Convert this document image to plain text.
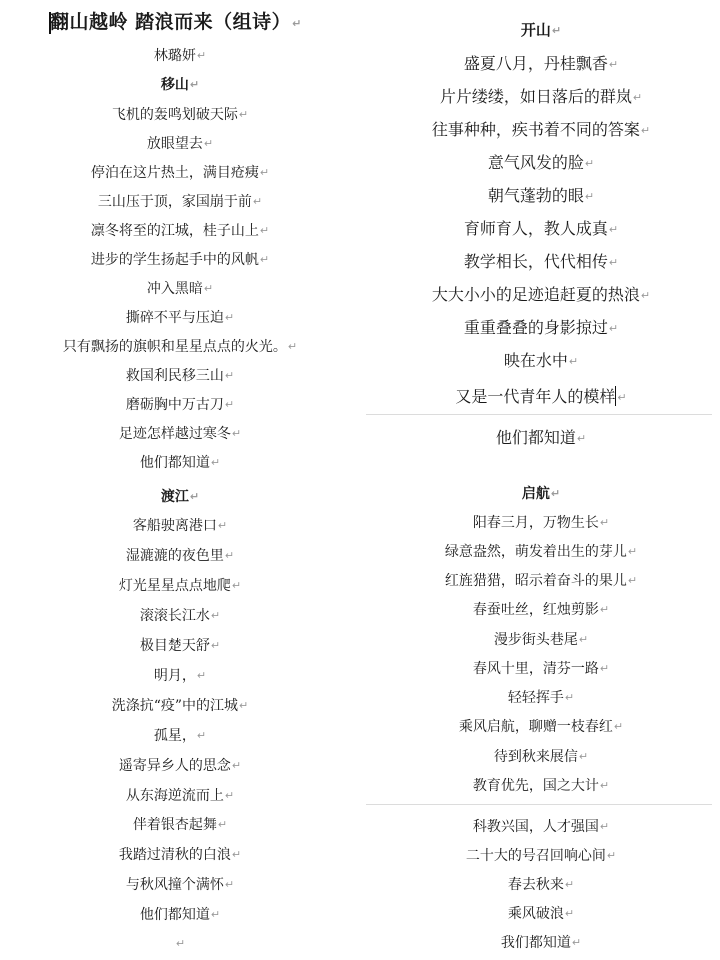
翻山越岭 踏浪而来（组诗）↵
林璐妍↵
移山↵
飞机的轰鸣划破天际↵
放眼望去↵
停泊在这片热土，满目疮痍↵
三山压于顶，家国崩于前↵
凛冬将至的江城，桂子山上↵
进步的学生扬起手中的风帆↵
冲入黑暗↵
撕碎不平与压迫↵
只有飘扬的旗帜和星星点点的火光。↵
救国利民移三山↵
磨砺胸中万古刀↵
足迹怎样越过寒冬↵
他们都知道↵
渡江↵
客船驶离港口↵
湿漉漉的夜色里↵
灯光星星点点地爬↵
滚滚长江水↵
极目楚天舒↵
明月，↵
洗涤抗“疫”中的江城↵
孤星，↵
遥寄异乡人的思念↵
从东海逆流而上↵
伴着银杏起舞↵
我踏过清秋的白浪↵
与秋风撞个满怀↵
他们都知道↵
↵
开山↵
盛夏八月，丹桂飘香↵
片片缕缕，如日落后的群岚↵
往事种种，疾书着不同的答案↵
意气风发的脸↵
朝气蓬勃的眼↵
育师育人，教人成真↵
教学相长，代代相传↵
大大小小的足迹追赶夏的热浪↵
重重叠叠的身影掠过↵
映在水中↵
又是一代青年人的模样 ↵
他们都知道↵
启航↵
阳春三月，万物生长↵
绿意盎然，萌发着出生的芽儿↵
红旌猎猎，昭示着奋斗的果儿↵
春蚕吐丝，红烛剪影↵
漫步街头巷尾↵
春风十里，清芬一路↵
轻轻挥手↵
乘风启航，聊赠一枝春红↵
待到秋来展信↵
教育优先，国之大计↵
科教兴国，人才强国↵
二十大的号召回响心间↵
春去秋来↵
乘风破浪↵
我们都知道↵
